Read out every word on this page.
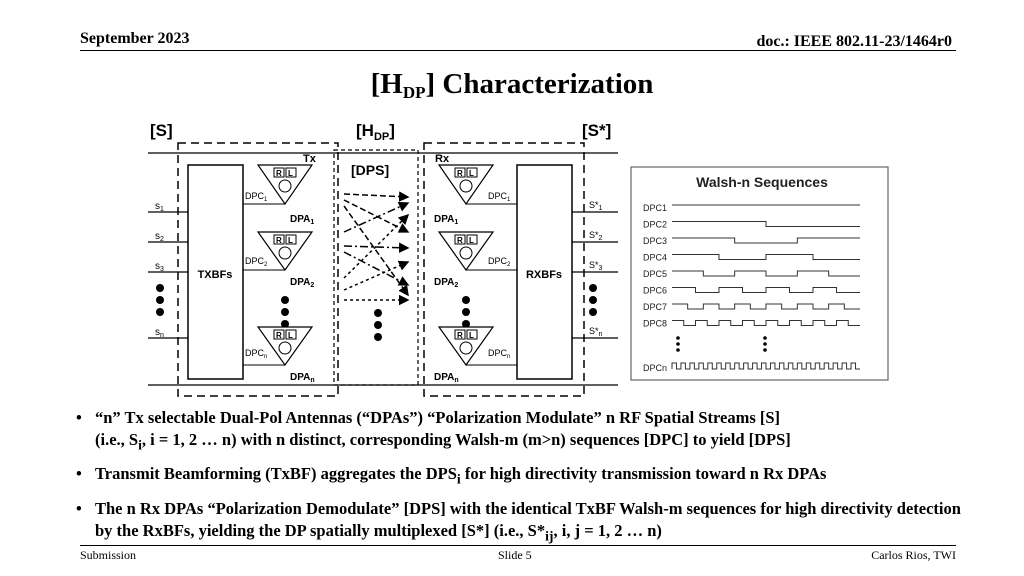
September 2023	doc.: IEEE 802.11-23/1464r0
$[H_{DP}]$ Characterization
[S]	$[H_{DP}]$	[S*]
Tx	Rx
[DPS]
TXBFs	RXBFs
$s_1$
$s_2$
$s_3$
$s_n$
$S*_1$
$S*_2$
$S*_3$
$S*_n$
R L
$DPC_1$
$DPA_1$
R L
$DPC_2$
$DPA_2$
R L
$DPC_n$
$DPA_n$
R L
$DPC_1$
$DPA_1$
R L
$DPC_2$
$DPA_2$
R L
$DPC_n$
$DPA_n$
Walsh-n Sequences
DPC1
DPC2
DPC3
DPC4
DPC5
DPC6
DPC7
DPC8
DPCn
• “n” Tx selectable Dual-Pol Antennas (“DPAs”) “Polarization Modulate” n RF Spatial Streams [S]
(i.e., $S_i$, i = 1, 2 … n) with n distinct, corresponding Walsh-m (m>n) sequences [DPC] to yield [DPS]
• Transmit Beamforming (TxBF) aggregates the $DPS_i$ for high directivity transmission toward n Rx DPAs
• The n Rx DPAs “Polarization Demodulate” [DPS] with the identical TxBF Walsh-m sequences for high directivity detection by the RxBFs, yielding the DP spatially multiplexed [S*] (i.e., $S*_{ij}$, i, j = 1, 2 … n)
Submission	Slide 5	Carlos Rios, TWI
